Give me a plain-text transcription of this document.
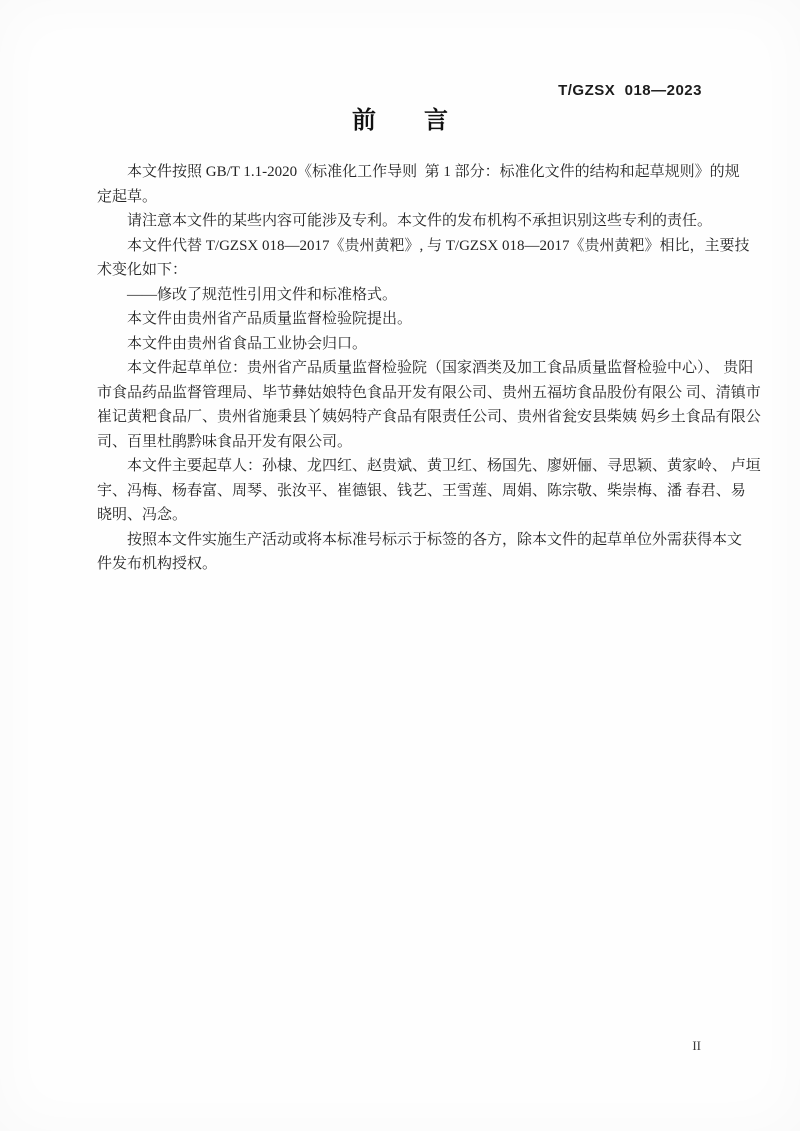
T/GZSX  018—2023
前　　言

本文件按照 GB/T 1.1-2020《标准化工作导则  第 1 部分：标准化文件的结构和起草规则》的规
定起草。

请注意本文件的某些内容可能涉及专利。本文件的发布机构不承担识别这些专利的责任。

本文件代替 T/GZSX 018—2017《贵州黄粑》, 与 T/GZSX 018—2017《贵州黄粑》相比，主要技
术变化如下：

——修改了规范性引用文件和标准格式。

本文件由贵州省产品质量监督检验院提出。

本文件由贵州省食品工业协会归口。

本文件起草单位：贵州省产品质量监督检验院（国家酒类及加工食品质量监督检验中心）、 贵阳
市食品药品监督管理局、毕节彝姑娘特色食品开发有限公司、贵州五福坊食品股份有限公 司、清镇市
崔记黄粑食品厂、贵州省施秉县丫姨妈特产食品有限责任公司、贵州省瓮安县柴姨 妈乡土食品有限公
司、百里杜鹃黔味食品开发有限公司。

本文件主要起草人：孙棣、龙四红、赵贵斌、黄卫红、杨国先、廖妍俪、寻思颖、黄家岭、 卢垣
宇、冯梅、杨春富、周琴、张汝平、崔德银、钱艺、王雪莲、周娟、陈宗敬、柴崇梅、潘 春君、易
晓明、冯念。

按照本文件实施生产活动或将本标准号标示于标签的各方，除本文件的起草单位外需获得本文
件发布机构授权。

II
